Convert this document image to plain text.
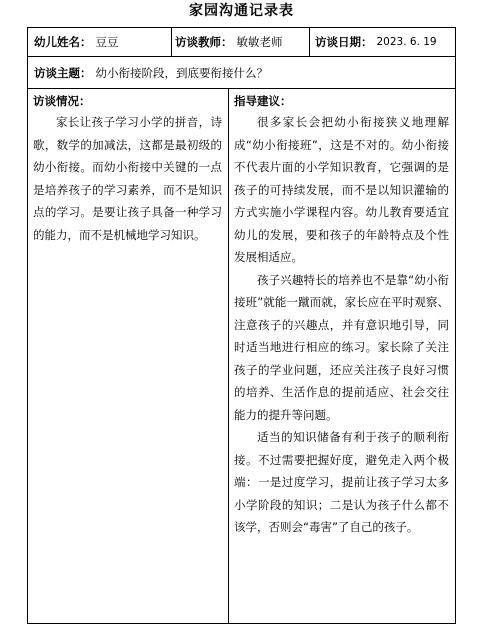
家园沟通记录表
幼儿姓名： 豆豆	访谈教师： 敏敏老师	访谈日期： 2023. 6. 19
访谈主题： 幼小衔接阶段，到底要衔接什么？
访谈情况：

家长让孩子学习小学的拼音，诗歌，数学的加减法，这都是最初级的幼小衔接。而幼小衔接中关键的一点是培养孩子的学习素养，而不是知识点的学习。是要让孩子具备一种学习的能力，而不是机械地学习知识。

指导建议：

很多家长会把幼小衔接狭义地理解成“幼小衔接班”，这是不对的。幼小衔接不代表片面的小学知识教育，它强调的是孩子的可持续发展，而不是以知识灌输的方式实施小学课程内容。幼儿教育要适宜幼儿的发展，要和孩子的年龄特点及个性发展相适应。

孩子兴趣特长的培养也不是靠“幼小衔接班”就能一蹴而就，家长应在平时观察、注意孩子的兴趣点，并有意识地引导，同时适当地进行相应的练习。家长除了关注孩子的学业问题，还应关注孩子良好习惯的培养、生活作息的提前适应、社会交往能力的提升等问题。

适当的知识储备有利于孩子的顺利衔接。不过需要把握好度，避免走入两个极端：一是过度学习，提前让孩子学习太多小学阶段的知识；二是认为孩子什么都不该学，否则会“毒害”了自己的孩子。
